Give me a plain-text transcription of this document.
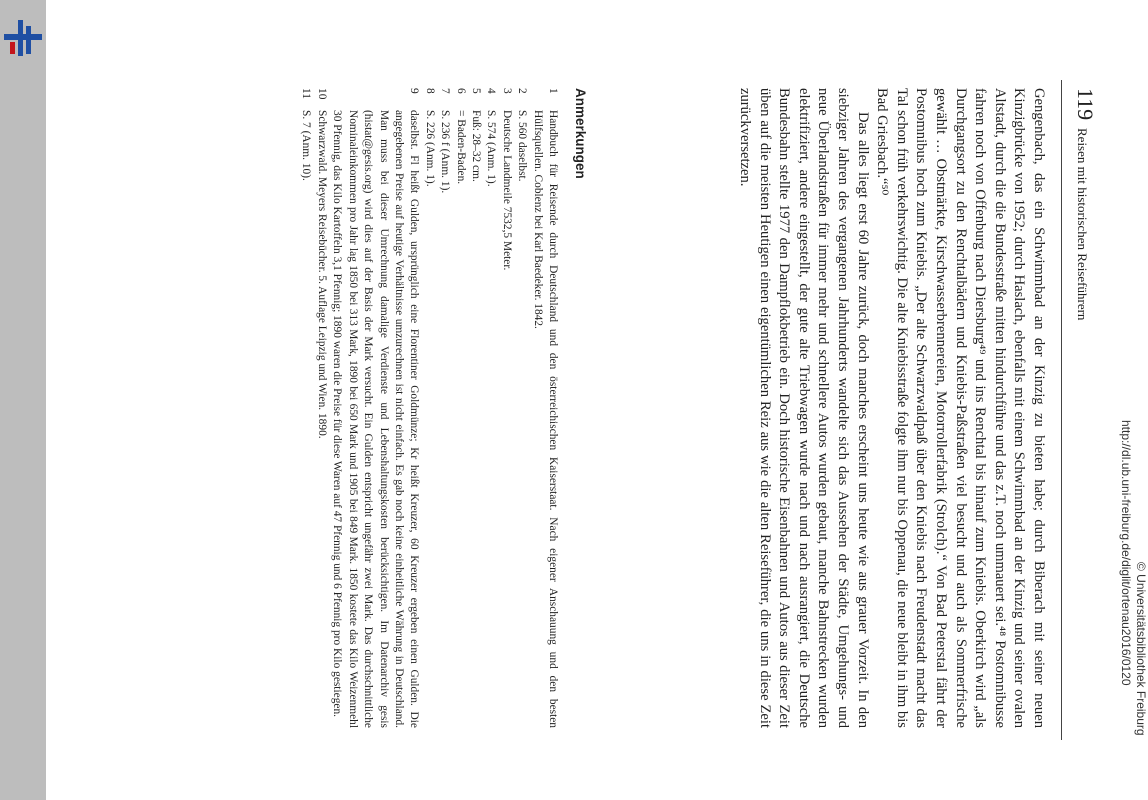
119
Reisen mit historischen Reiseführern

Gengenbach, das ein Schwimmbad an der Kinzig zu bieten habe; durch Biberach mit seiner neuen Kinzigbrücke von 1952; durch Haslach, ebenfalls mit einem Schwimmbad an der Kinzig und seiner ovalen Altstadt, durch die die Bundesstraße mitten hindurchführe und das z.T. noch ummauert sei.⁴⁸ Postomnibusse fahren noch von Offenburg nach Diersburg⁴⁹ und ins Renchtal bis hinauf zum Kniebis. Oberkirch wird „als Durchgangsort zu den Renchtalbädern und Kniebis-Paßstraßen viel besucht und auch als Sommerfrische gewählt … Obstmärkte, Kirschwasserbrennereien, Motorrollerfabrik (Strolch).“ Von Bad Peterstal fährt der Postomnibus hoch zum Kniebis. „Der alte Schwarzwaldpaß über den Kniebis nach Freudenstadt macht das Tal schon früh verkehrswichtig. Die alte Kniebisstraße folgte ihm nur bis Oppenau, die neue bleibt in ihm bis Bad Griesbach.“⁵⁰

Das alles liegt erst 60 Jahre zurück, doch manches erscheint uns heute wie aus grauer Vorzeit. In den siebziger Jahren des vergangenen Jahrhunderts wandelte sich das Aussehen der Städte, Umgehungs- und neue Überlandstraßen für immer mehr und schnellere Autos wurden gebaut, manche Bahnstrecken wurden elektrifiziert, andere eingestellt, der gute alte Triebwagen wurde nach und nach ausrangiert, die Deutsche Bundesbahn stellte 1977 den Dampflokbetrieb ein. Doch historische Eisenbahnen und Autos aus dieser Zeit üben auf die meisten Heutigen einen eigentümlichen Reiz aus wie die alten Reiseführer, die uns in diese Zeit zurückversetzen.

Anmerkungen
1
Handbuch für Reisende durch Deutschland und den österreichischen Kaiserstaat. Nach eigener Anschauung und den besten Hülfsquellen. Coblenz bei Karl Baedeker. 1842.
2
S. 560 daselbst.
3
Deutsche Landmeile 7532,5 Meter.
4
S. 574 (Anm. 1).
5
Fuß: 28–32 cm.
6
= Baden-Baden.
7
S. 236 f (Anm. 1).
8
S. 226 (Anm. 1).
9
daselbst. Fl heißt Gulden, ursprünglich eine Florentiner Goldmünze; Kr heißt Kreuzer, 60 Kreuzer ergeben einen Gulden. Die angegebenen Preise auf heutige Verhältnisse umzurechnen ist nicht einfach. Es gab noch keine einheitliche Währung in Deutschland. Man muss bei dieser Umrechnung damalige Verdienste und Lebenshaltungskosten berücksichtigen. Im Datenarchiv gesis (histat@gesis.org) wird dies auf der Basis der Mark versucht. Ein Gulden entspricht ungefähr zwei Mark. Das durchschnittliche Nominaleinkommen pro Jahr lag 1850 bei 313 Mark, 1890 bei 650 Mark und 1905 bei 849 Mark. 1850 kostete das Kilo Weizenmehl 30 Pfennig, das Kilo Kartoffeln 3,1 Pfennig; 1890 waren die Preise für diese Waren auf 47 Pfennig und 6 Pfennig pro Kilo gestiegen.
10
Schwarzwald. Meyers Reisebücher. 5. Auflage Leipzig und Wien. 1890.
11
S. 7 (Anm. 10).
http://dl.ub.uni-freiburg.de/diglit/ortenau2016/0120 © Universitätsbibliothek Freiburg
